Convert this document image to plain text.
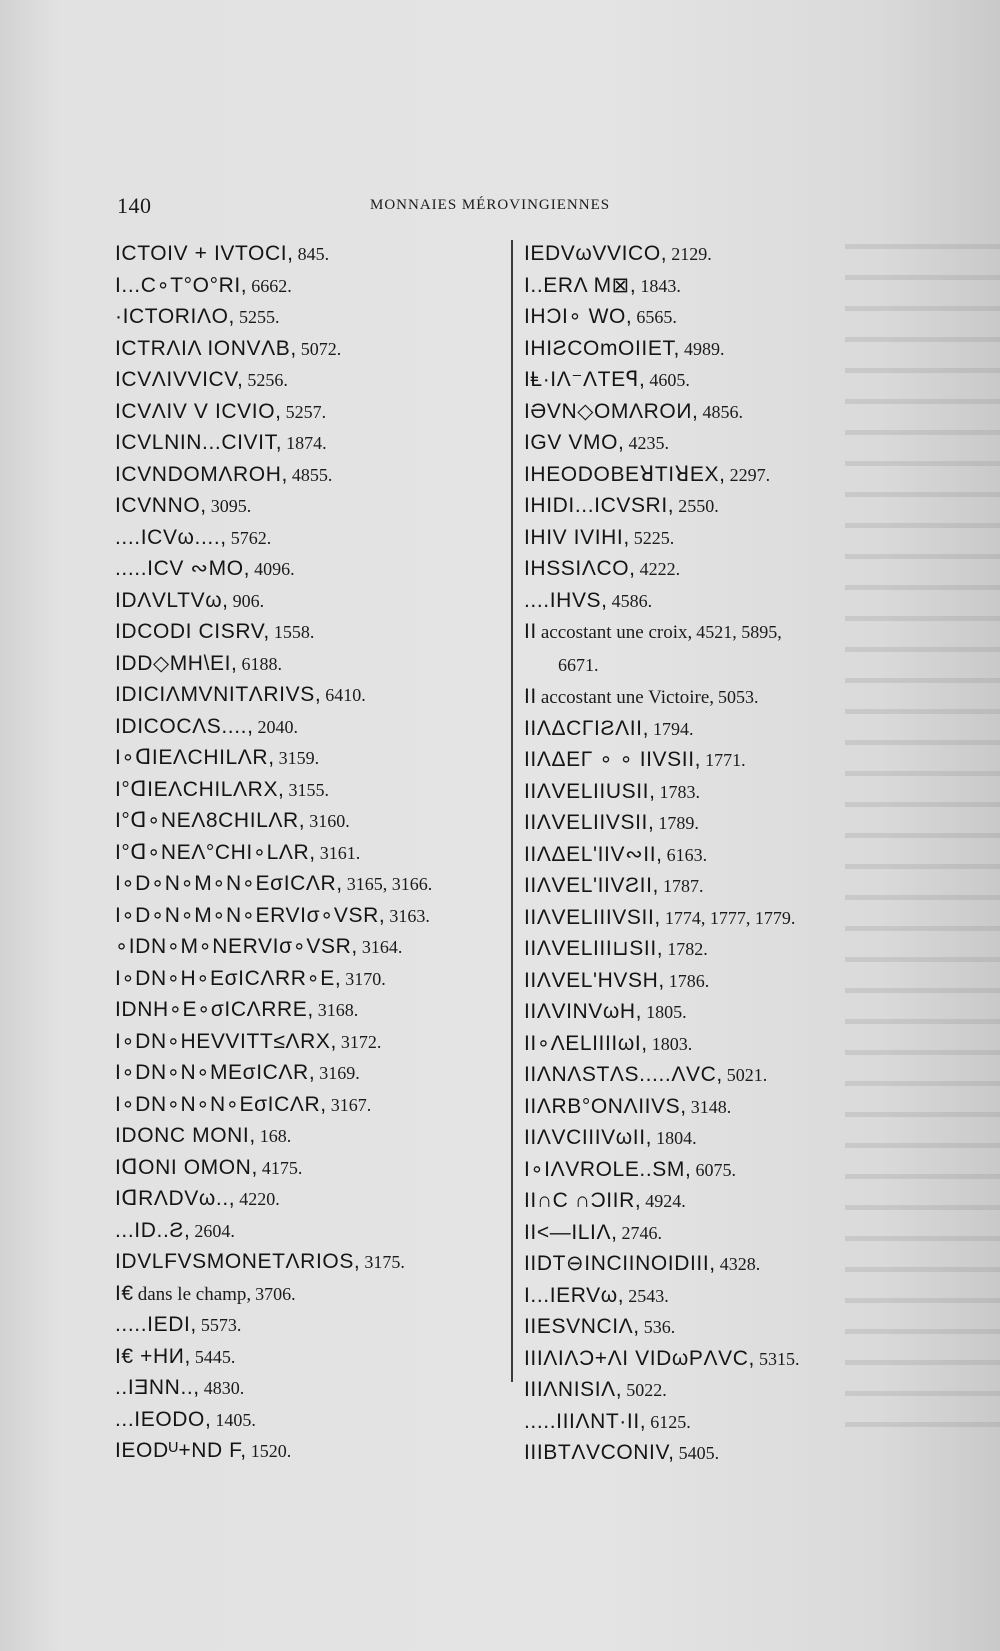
140	MONNAIES MÉROVINGIENNES
ICTOIV + IVTOCI, 845.
I...C∘T°O°RI, 6662.
·ICTORIΛO, 5255.
ICTRΛIΛ IONVΛB, 5072.
ICVΛIVVICV, 5256.
ICVΛIV V ICVIO, 5257.
ICVLNIN...CIVIT, 1874.
ICVNDOMΛROH, 4855.
ICVNNO, 3095.
....ICVω...., 5762.
.....ICV ∾MO, 4096.
IDΛVLTVω, 906.
IDCODI CISRV, 1558.
IDD◇MΗ\EI, 6188.
IDICIΛMVNITΛRIVS, 6410.
IDICOCΛS...., 2040.
I∘ᗡIEΛCHILΛR, 3159.
I°ᗡIEΛCHILΛRX, 3155.
I°ᗡ∘NEΛ8CHILΛR, 3160.
I°ᗡ∘NEΛ°CHI∘LΛR, 3161.
I∘D∘N∘M∘N∘EσICΛR, 3165, 3166.
I∘D∘N∘M∘N∘ERVIσ∘VSR, 3163.
∘IDN∘M∘NERVIσ∘VSR, 3164.
I∘DN∘H∘EσICΛRR∘E, 3170.
IDNH∘E∘σICΛRRE, 3168.
I∘DN∘ΗEVVITT≤ΛRX, 3172.
I∘DN∘N∘MEσICΛR, 3169.
I∘DN∘N∘N∘EσICΛR, 3167.
IDONC MONI, 168.
IᗡONI OMON, 4175.
IᗡRΛDVω.., 4220.
...ID..Ƨ, 2604.
IDVLFVSMONETΛRIOS, 3175.
I€ dans le champ, 3706.
.....IEDI, 5573.
I€ +HИ, 5445.
..IƎNN.., 4830.
...IEODO, 1405.
IEODᵁ+ND F, 1520.
IEDVωVVICO, 2129.
I..ERΛ M⊠, 1843.
IΗƆI∘ WO, 6565.
IΗIƧCOmOIIET, 4989.
IⱠ·IΛ⁻ΛTEꟼ, 4605.
IƏVN◇OMΛROИ, 4856.
IGV VMO, 4235.
IHEODOBEꓤTIꓤEX, 2297.
IHIDI...ICVSRI, 2550.
IHIV IVIHI, 5225.
IHSSIΛCO, 4222.
....IHVS, 4586.
II accostant une croix, 4521, 5895,
6671.
II accostant une Victoire, 5053.
IIΛΔCΓIƧΛII, 1794.
IIΛΔEΓ ∘ ∘ IIVSII, 1771.
IIΛVELIIUSII, 1783.
IIΛVELIIVSII, 1789.
IIΛΔEL'IIV∾II, 6163.
IIΛVEL'IIVƧII, 1787.
IIΛVELIIIVSII, 1774, 1777, 1779.
IIΛVELIII⊔SII, 1782.
IIΛVEL'HVSH, 1786.
IIΛVINVωH, 1805.
II∘ΛELIIIIωI, 1803.
IIΛNΛSTΛS.....ΛVC, 5021.
IIΛRB°ONΛIIVS, 3148.
IIΛVCIIIVωII, 1804.
I∘IΛVROLE..SM, 6075.
II∩C ∩ƆIIR, 4924.
II<—ILIΛ, 2746.
IIDT⊖INCIINOIDIII, 4328.
I...IERVω, 2543.
IIESVNCIΛ, 536.
IIIΛIΛƆ+ΛI VIDωPΛVC, 5315.
IIIΛNISIΛ, 5022.
.....IIIΛNT·II, 6125.
IIIBTΛVCONIV, 5405.
